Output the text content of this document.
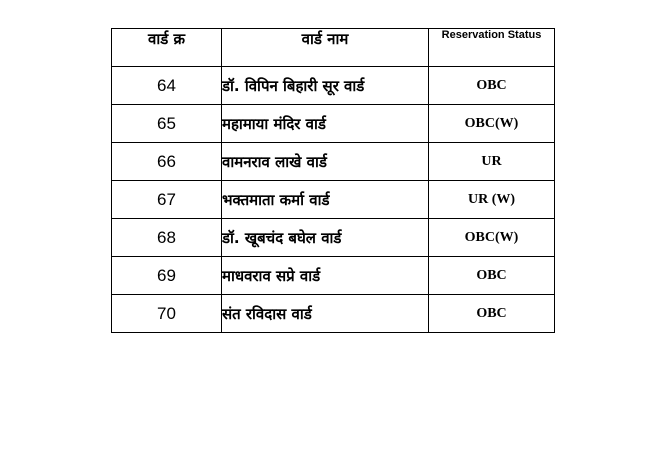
वार्ड क्र	वार्ड नाम	Reservation Status
64	डॉ. विपिन बिहारी सूर वार्ड	OBC
65	महामाया मंदिर वार्ड	OBC(W)
66	वामनराव लाखे वार्ड	UR
67	भक्तमाता कर्मा वार्ड	UR (W)
68	डॉ. खूबचंद बघेल वार्ड	OBC(W)
69	माधवराव सप्रे वार्ड	OBC
70	संत रविदास वार्ड	OBC
